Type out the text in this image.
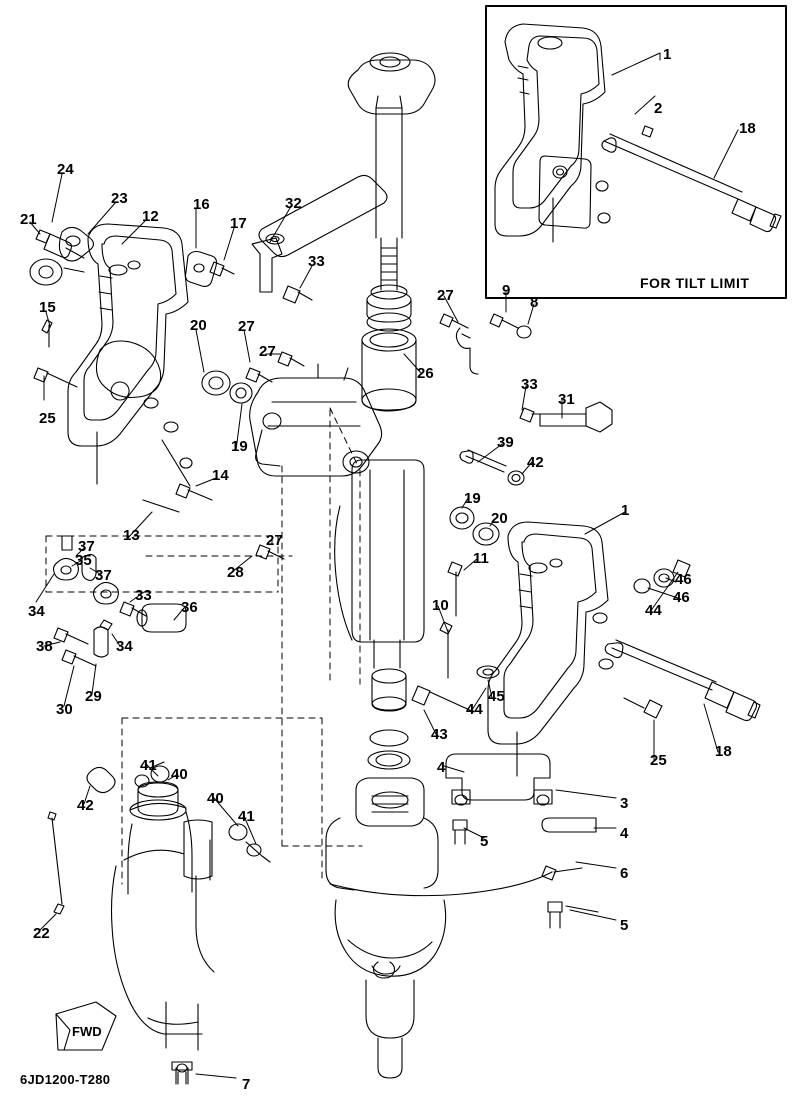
1
2
18
24
23	16	32
21	12	17
33
15
27	9
8
20 27
27
25
26
33
31
39
42
19
14
19
20	1
13	27
11
37
35
37	28	46
46
44
33
36
34	10
34
38
29
30
45
44
43
25
18
41
40
40
41
42
4
3
4
5
6
5
22
7
FWD
FOR TILT LIMIT
6JD1200-T280
